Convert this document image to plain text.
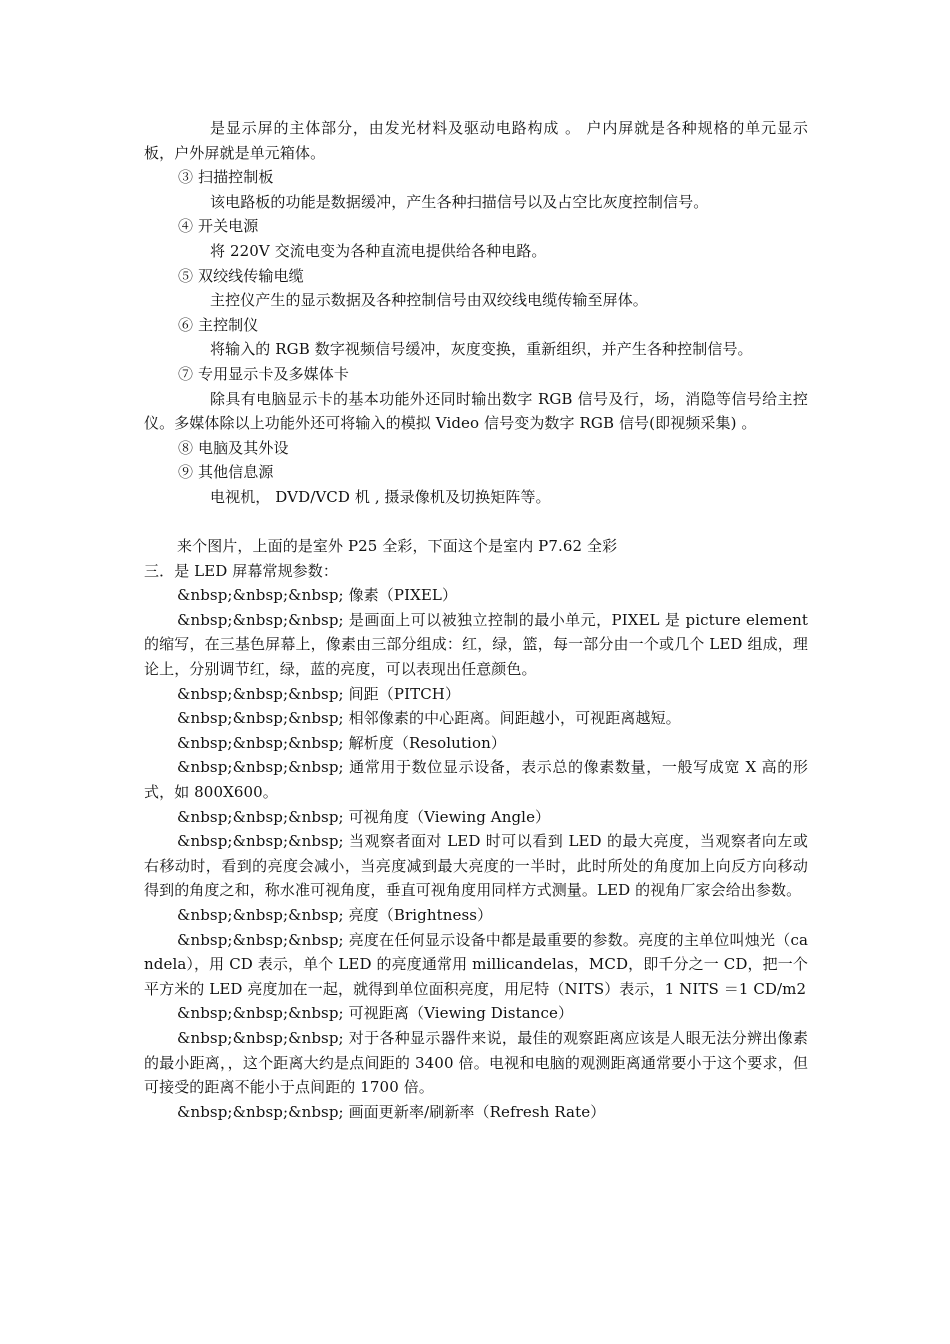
是显示屏的主体部分，由发光材料及驱动电路构成 。 户内屏就是各种规格的单元显示板，户外屏就是单元箱体。

③ 扫描控制板

该电路板的功能是数据缓冲，产生各种扫描信号以及占空比灰度控制信号。

④ 开关电源

将 220V 交流电变为各种直流电提供给各种电路。

⑤ 双绞线传输电缆

主控仪产生的显示数据及各种控制信号由双绞线电缆传输至屏体。

⑥ 主控制仪

将输入的 RGB 数字视频信号缓冲，灰度变换，重新组织，并产生各种控制信号。

⑦ 专用显示卡及多媒体卡

除具有电脑显示卡的基本功能外还同时输出数字 RGB 信号及行，场，消隐等信号给主控仪。多媒体除以上功能外还可将输入的模拟 Video 信号变为数字 RGB 信号(即视频采集) 。

⑧ 电脑及其外设

⑨ 其他信息源

电视机， DVD/VCD 机 , 摄录像机及切换矩阵等。

来个图片，上面的是室外 P25 全彩，下面这个是室内 P7.62 全彩

三．是 LED 屏幕常规参数：

&nbsp;&nbsp;&nbsp; 像素（PIXEL）

&nbsp;&nbsp;&nbsp; 是画面上可以被独立控制的最小单元，PIXEL 是 picture element 的缩写，在三基色屏幕上，像素由三部分组成：红，绿，篮，每一部分由一个或几个 LED 组成，理论上，分别调节红，绿，蓝的亮度，可以表现出任意颜色。

&nbsp;&nbsp;&nbsp; 间距（PITCH）

&nbsp;&nbsp;&nbsp; 相邻像素的中心距离。间距越小，可视距离越短。

&nbsp;&nbsp;&nbsp; 解析度（Resolution）

&nbsp;&nbsp;&nbsp; 通常用于数位显示设备，表示总的像素数量，一般写成宽 X 高的形式，如 800X600。

&nbsp;&nbsp;&nbsp; 可视角度（Viewing Angle）

&nbsp;&nbsp;&nbsp; 当观察者面对 LED 时可以看到 LED 的最大亮度，当观察者向左或右移动时，看到的亮度会减小，当亮度减到最大亮度的一半时，此时所处的角度加上向反方向移动得到的角度之和，称水准可视角度，垂直可视角度用同样方式测量。LED 的视角厂家会给出参数。

&nbsp;&nbsp;&nbsp; 亮度（Brightness）

&nbsp;&nbsp;&nbsp; 亮度在任何显示设备中都是最重要的参数。亮度的主单位叫烛光（candela），用 CD 表示，单个 LED 的亮度通常用 millicandelas，MCD，即千分之一 CD，把一个平方米的 LED 亮度加在一起，就得到单位面积亮度，用尼特（NITS）表示，1 NITS ＝1 CD/m2

&nbsp;&nbsp;&nbsp; 可视距离（Viewing Distance）

&nbsp;&nbsp;&nbsp; 对于各种显示器件来说，最佳的观察距离应该是人眼无法分辨出像素的最小距离，，这个距离大约是点间距的 3400 倍。电视和电脑的观测距离通常要小于这个要求，但可接受的距离不能小于点间距的 1700 倍。

&nbsp;&nbsp;&nbsp; 画面更新率/刷新率（Refresh Rate）
